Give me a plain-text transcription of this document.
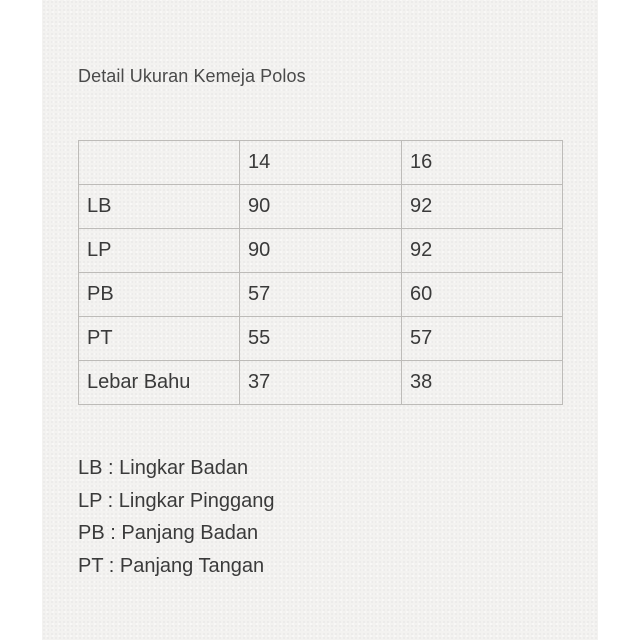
Detail Ukuran Kemeja Polos
	14	16
LB	90	92
LP	90	92
PB	57	60
PT	55	57
Lebar Bahu	37	38
LB : Lingkar Badan
LP : Lingkar Pinggang
PB : Panjang Badan
PT : Panjang Tangan
